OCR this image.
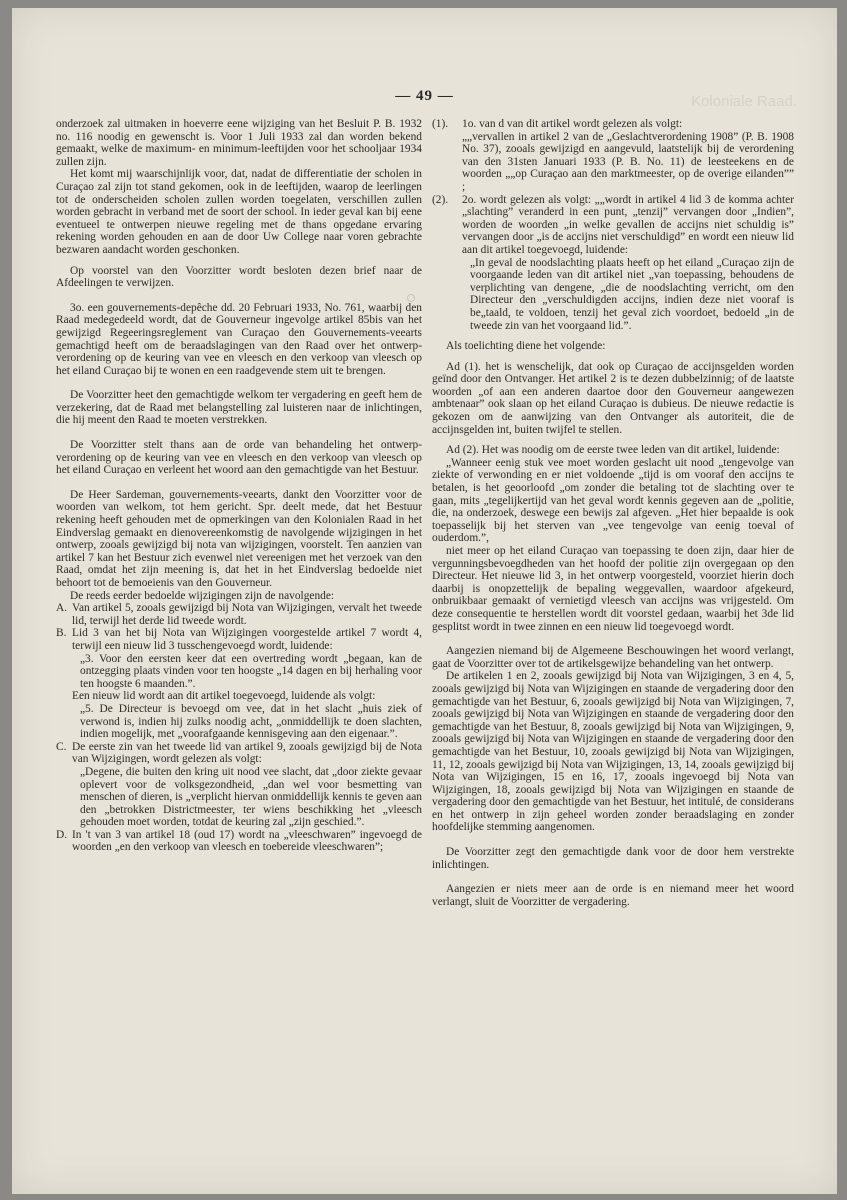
Koloniale Raad.
— 49 —

onderzoek zal uitmaken in hoeverre eene wijziging van het Besluit P. B. 1932 no. 116 noodig en gewenscht is. Voor 1 Juli 1933 zal dan worden bekend gemaakt, welke de maximum- en minimum-leeftijden voor het schooljaar 1934 zullen zijn.

Het komt mij waarschijnlijk voor, dat, nadat de differentiatie der scholen in Curaçao zal zijn tot stand gekomen, ook in de leeftijden, waarop de leerlingen tot de onderscheiden scholen zullen worden toegelaten, verschillen zullen worden gebracht in verband met de soort der school. In ieder geval kan bij eene eventueel te ontwerpen nieuwe regeling met de thans opgedane ervaring rekening worden gehouden en aan de door Uw College naar voren gebrachte bezwaren aandacht worden geschonken.

Op voorstel van den Voorzitter wordt besloten dezen brief naar de Afdeelingen te verwijzen.

3o. een gouvernements-depêche dd. 20 Februari 1933, No. 761, waarbij den Raad medegedeeld wordt, dat de Gouverneur ingevolge artikel 85bis van het gewijzigd Regeeringsreglement van Curaçao den Gouvernements-veearts gemachtigd heeft om de beraadslagingen van den Raad over het ontwerp-verordening op de keuring van vee en vleesch en den verkoop van vleesch op het eiland Curaçao bij te wonen en een raadgevende stem uit te brengen.

De Voorzitter heet den gemachtigde welkom ter vergadering en geeft hem de verzekering, dat de Raad met belangstelling zal luisteren naar de inlichtingen, die hij meent den Raad te moeten verstrekken.

De Voorzitter stelt thans aan de orde van behandeling het ontwerp-verordening op de keuring van vee en vleesch en den verkoop van vleesch op het eiland Curaçao en verleent het woord aan den gemachtigde van het Bestuur.

De Heer Sardeman, gouvernements-veearts, dankt den Voorzitter voor de woorden van welkom, tot hem gericht. Spr. deelt mede, dat het Bestuur rekening heeft gehouden met de opmerkingen van den Kolonialen Raad in het Eindverslag gemaakt en dienovereenkomstig de navolgende wijzigingen in het ontwerp, zooals gewijzigd bij nota van wijzigingen, voorstelt. Ten aanzien van artikel 7 kan het Bestuur zich evenwel niet vereenigen met het verzoek van den Raad, omdat het zijn meening is, dat het in het Eindverslag bedoelde niet behoort tot de bemoeienis van den Gouverneur.

De reeds eerder bedoelde wijzigingen zijn de navolgende:

A. Van artikel 5, zooals gewijzigd bij Nota van Wijzigingen, vervalt het tweede lid, terwijl het derde lid tweede wordt.

B. Lid 3 van het bij Nota van Wijzigingen voorgestelde artikel 7 wordt 4, terwijl een nieuw lid 3 tusschengevoegd wordt, luidende:

„3. Voor den eersten keer dat een overtreding wordt „begaan, kan de ontzegging plaats vinden voor ten hoogste „14 dagen en bij herhaling voor ten hoogste 6 maanden.”.

Een nieuw lid wordt aan dit artikel toegevoegd, luidende als volgt:

„5. De Directeur is bevoegd om vee, dat in het slacht „huis ziek of verwond is, indien hij zulks noodig acht, „onmiddellijk te doen slachten, indien mogelijk, met „voorafgaande kennisgeving aan den eigenaar.”.

C. De eerste zin van het tweede lid van artikel 9, zooals gewijzigd bij de Nota van Wijzigingen, wordt gelezen als volgt:

„Degene, die buiten den kring uit nood vee slacht, dat „door ziekte gevaar oplevert voor de volksgezondheid, „dan wel voor besmetting van menschen of dieren, is „verplicht hiervan onmiddellijk kennis te geven aan den „betrokken Districtmeester, ter wiens beschikking het „vleesch gehouden moet worden, totdat de keuring zal „zijn geschied.”.

D. In 't van 3 van artikel 18 (oud 17) wordt na „vleeschwaren” ingevoegd de woorden „en den verkoop van vleesch en toebereide vleeschwaren”;

(1).	1o. van d van dit artikel wordt gelezen als volgt:

„„vervallen in artikel 2 van de „Geslachtverordening 1908” (P. B. 1908 No. 37), zooals gewijzigd en aangevuld, laatstelijk bij de verordening van den 31sten Januari 1933 (P. B. No. 11) de leesteekens en de woorden „„op Curaçao aan den marktmeester, op de overige eilanden”” ;

(2).	2o. wordt gelezen als volgt: „„wordt in artikel 4 lid 3 de komma achter „slachting” veranderd in een punt, „tenzij” vervangen door „Indien”, worden de woorden „in welke gevallen de accijns niet schuldig is” vervangen door „is de accijns niet verschuldigd” en wordt een nieuw lid aan dit artikel toegevoegd, luidende:

„In geval de noodslachting plaats heeft op het eiland „Curaçao zijn de voorgaande leden van dit artikel niet „van toepassing, behoudens de verplichting van dengene, „die de noodslachting verricht, om den Directeur den „verschuldigden accijns, indien deze niet vooraf is be„taald, te voldoen, tenzij het geval zich voordoet, bedoeld „in de tweede zin van het voorgaand lid.”.

Als toelichting diene het volgende:

Ad (1). het is wenschelijk, dat ook op Curaçao de accijnsgelden worden geïnd door den Ontvanger. Het artikel 2 is te dezen dubbelzinnig; of de laatste woorden „of aan een anderen daartoe door den Gouverneur aangewezen ambtenaar” ook slaan op het eiland Curaçao is dubieus. De nieuwe redactie is gekozen om de aanwijzing van den Ontvanger als autoriteit, die de accijnsgelden int, buiten twijfel te stellen.

Ad (2). Het was noodig om de eerste twee leden van dit artikel, luidende:

„Wanneer eenig stuk vee moet worden geslacht uit nood „tengevolge van ziekte of verwonding en er niet voldoende „tijd is om vooraf den accijns te betalen, is het geoorloofd „om zonder die betaling tot de slachting over te gaan, mits „tegelijkertijd van het geval wordt kennis gegeven aan de „politie, die, na onderzoek, deswege een bewijs zal afgeven. „Het hier bepaalde is ook toepasselijk bij het sterven van „vee tengevolge van eenig toeval of ouderdom.”,

niet meer op het eiland Curaçao van toepassing te doen zijn, daar hier de vergunningsbevoegdheden van het hoofd der politie zijn overgegaan op den Directeur. Het nieuwe lid 3, in het ontwerp voorgesteld, voorziet hierin doch daarbij is onopzettelijk de bepaling weggevallen, waardoor afgekeurd, onbruikbaar gemaakt of vernietigd vleesch van accijns was vrijgesteld. Om deze consequentie te herstellen wordt dit voorstel gedaan, waarbij het 3de lid gesplitst wordt in twee zinnen en een nieuw lid toegevoegd wordt.

Aangezien niemand bij de Algemeene Beschouwingen het woord verlangt, gaat de Voorzitter over tot de artikelsgewijze behandeling van het ontwerp.

De artikelen 1 en 2, zooals gewijzigd bij Nota van Wijzigingen, 3 en 4, 5, zooals gewijzigd bij Nota van Wijzigingen en staande de vergadering door den gemachtigde van het Bestuur, 6, zooals gewijzigd bij Nota van Wijzigingen, 7, zooals gewijzigd bij Nota van Wijzigingen en staande de vergadering door den gemachtigde van het Bestuur, 8, zooals gewijzigd bij Nota van Wijzigingen, 9, zooals gewijzigd bij Nota van Wijzigingen en staande de vergadering door den gemachtigde van het Bestuur, 10, zooals gewijzigd bij Nota van Wijzigingen, 11, 12, zooals gewijzigd bij Nota van Wijzigingen, 13, 14, zooals gewijzigd bij Nota van Wijzigingen, 15 en 16, 17, zooals ingevoegd bij Nota van Wijzigingen, 18, zooals gewijzigd bij Nota van Wijzigingen en staande de vergadering door den gemachtigde van het Bestuur, het intitulé, de considerans en het ontwerp in zijn geheel worden zonder beraadslaging en zonder hoofdelijke stemming aangenomen.

De Voorzitter zegt den gemachtigde dank voor de door hem verstrekte inlichtingen.

Aangezien er niets meer aan de orde is en niemand meer het woord verlangt, sluit de Voorzitter de vergadering.
